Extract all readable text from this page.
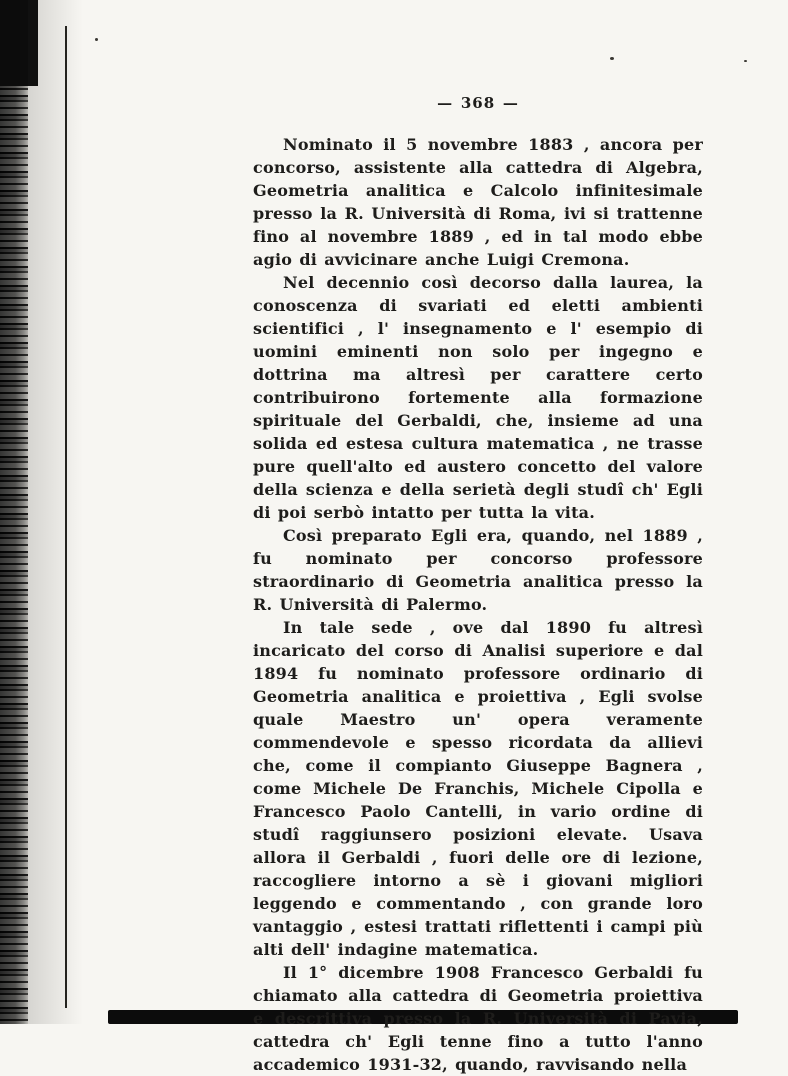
— 368 —

Nominato il 5 novembre 1883 , ancora per concorso, assistente alla cattedra di Algebra, Geometria analitica e Calcolo infinitesimale presso la R. Università di Roma, ivi si trattenne fino al novembre 1889 , ed in tal modo ebbe agio di avvicinare anche Luigi Cremona.

Nel decennio così decorso dalla laurea, la conoscenza di svariati ed eletti ambienti scientifici , l' insegnamento e l' esempio di uomini eminenti non solo per ingegno e dottrina ma altresì per carattere certo contribuirono fortemente alla formazione spirituale del Gerbaldi, che, insieme ad una solida ed estesa cultura matematica , ne trasse pure quell'alto ed austero concetto del valore della scienza e della serietà degli studî ch' Egli di poi serbò intatto per tutta la vita.

Così preparato Egli era, quando, nel 1889 , fu nominato per concorso professore straordinario di Geometria analitica presso la R. Università di Palermo.

In tale sede , ove dal 1890 fu altresì incaricato del corso di Analisi superiore e dal 1894 fu nominato professore ordinario di Geometria analitica e proiettiva , Egli svolse quale Maestro un' opera veramente commendevole e spesso ricordata da allievi che, come il compianto Giuseppe Bagnera , come Michele De Franchis, Michele Cipolla e Francesco Paolo Cantelli, in vario ordine di studî raggiunsero posizioni elevate. Usava allora il Gerbaldi , fuori delle ore di lezione, raccogliere intorno a sè i giovani migliori leggendo e commentando , con grande loro vantaggio , estesi trattati riflettenti i campi più alti dell' indagine matematica.

Il 1° dicembre 1908 Francesco Gerbaldi fu chiamato alla cattedra di Geometria proiettiva e descrittiva presso la R. Università di Pavia, cattedra ch' Egli tenne fino a tutto l'anno accademico 1931-32, quando, ravvisando nella
